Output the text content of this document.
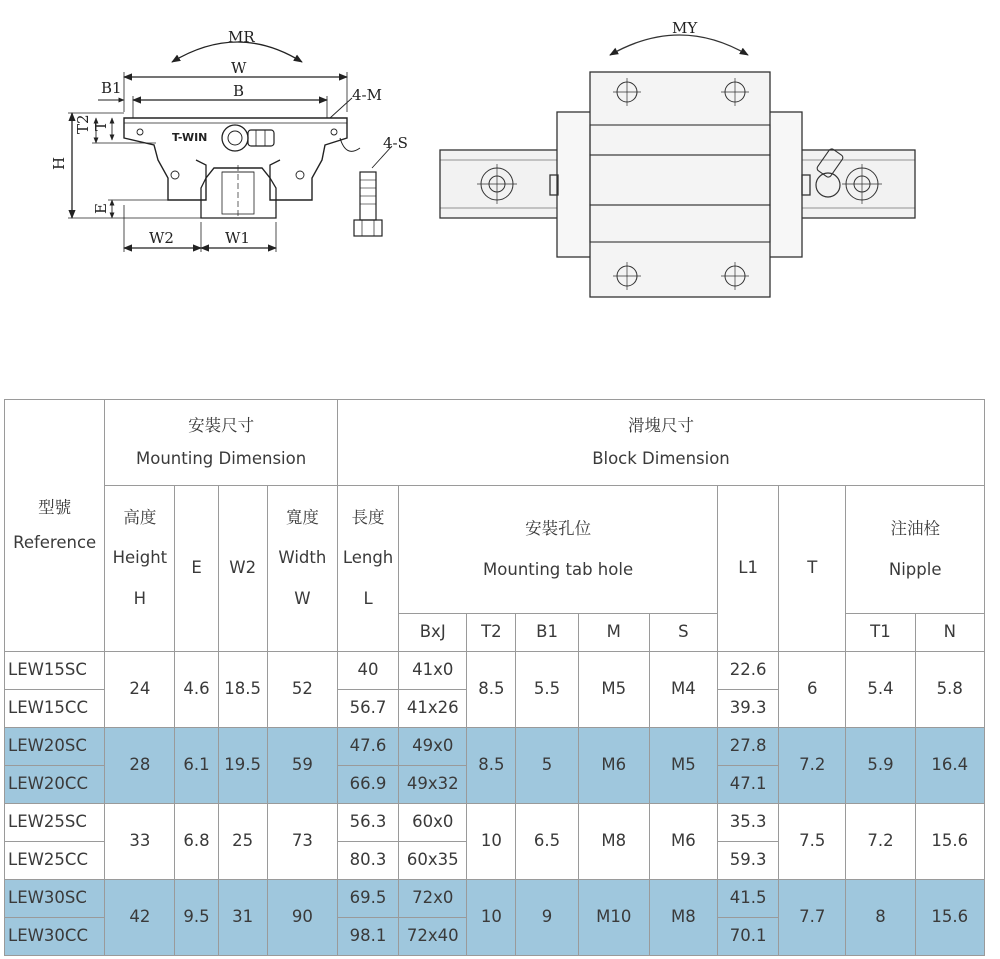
MR
W
B1	B	4-M
4-S
T2 T
H
E
W2	W1
T-WIN
MY
型號
Reference	安裝尺寸
Mounting Dimension				滑塊尺寸
Block Dimension									

	高度
Height
H	E	W2	寬度
Width
W	長度
Lengh
L	安裝孔位
Mounting tab hole					L1	T	注油栓
Nipple	

						BxJ	T2	B1	M	S			T1	N
LEW15SC	24	4.6	18.5	52	40	41x0	8.5	5.5	M5	M4	22.6	6	5.4	5.8
LEW15CC					56.7	41x26					39.3			
LEW20SC	28	6.1	19.5	59	47.6	49x0	8.5	5	M6	M5	27.8	7.2	5.9	16.4
LEW20CC					66.9	49x32					47.1			
LEW25SC	33	6.8	25	73	56.3	60x0	10	6.5	M8	M6	35.3	7.5	7.2	15.6
LEW25CC					80.3	60x35					59.3			
LEW30SC	42	9.5	31	90	69.5	72x0	10	9	M10	M8	41.5	7.7	8	15.6
LEW30CC					98.1	72x40					70.1			
